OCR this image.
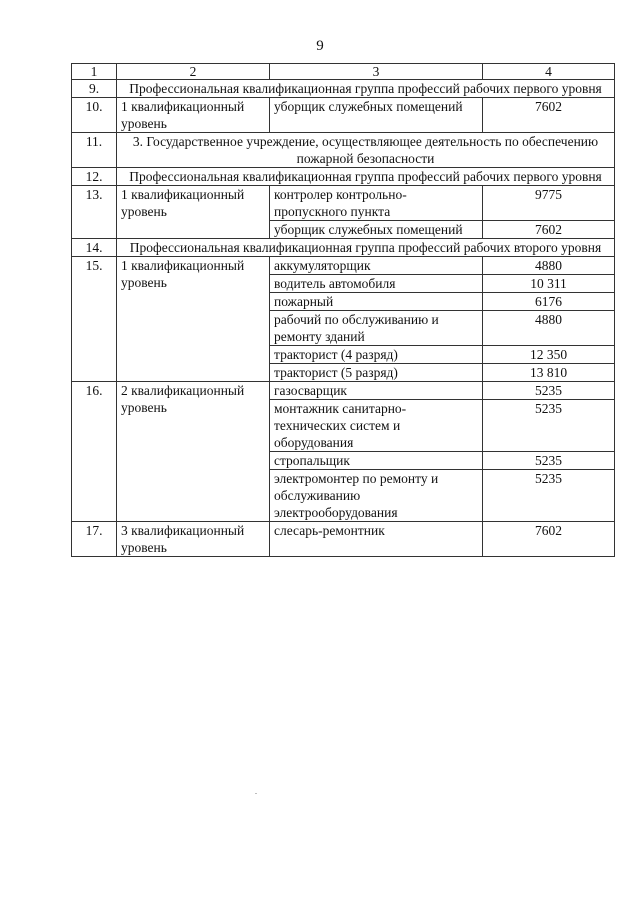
9
1	2	3	4
9.	Профессиональная квалификационная группа профессий рабочих первого уровня		
10.	1 квалификационный уровень	уборщик служебных помещений	7602
11.	3. Государственное учреждение, осуществляющее деятельность по обеспечению пожарной безопасности		
12.	Профессиональная квалификационная группа профессий рабочих первого уровня		
13.	1 квалификационный уровень	контролер контрольно-пропускного пункта	9775
		уборщик служебных помещений	7602
14.	Профессиональная квалификационная группа профессий рабочих второго уровня		
15.	1 квалификационный уровень	аккумуляторщик	4880
		водитель автомобиля	10 311
		пожарный	6176
		рабочий по обслуживанию и ремонту зданий	4880
		тракторист (4 разряд)	12 350
		тракторист (5 разряд)	13 810
16.	2 квалификационный уровень	газосварщик	5235
		монтажник санитарно-технических систем и оборудования	5235
		стропальщик	5235
		электромонтер по ремонту и обслуживанию электрооборудования	5235
17.	3 квалификационный уровень	слесарь-ремонтник	7602
